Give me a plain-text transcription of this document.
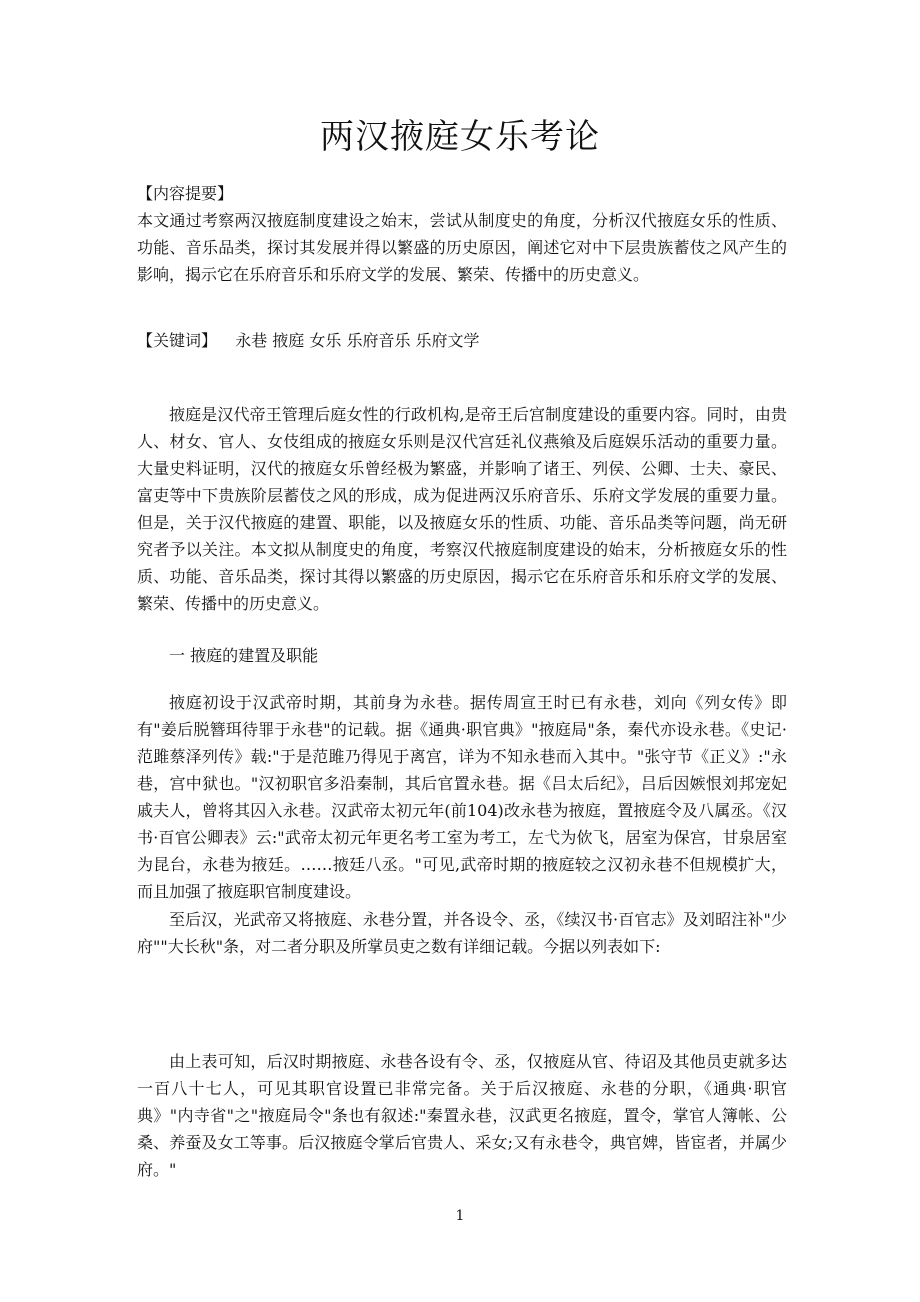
两汉掖庭女乐考论
【内容提要】
本文通过考察两汉掖庭制度建设之始末，尝试从制度史的角度，分析汉代掖庭女乐的性质、功能、音乐品类，探讨其发展并得以繁盛的历史原因，阐述它对中下层贵族蓄伎之风产生的影响，揭示它在乐府音乐和乐府文学的发展、繁荣、传播中的历史意义。
【关键词】 永巷 掖庭 女乐 乐府音乐 乐府文学
掖庭是汉代帝王管理后庭女性的行政机构,是帝王后宫制度建设的重要内容。同时，由贵人、材女、官人、女伎组成的掖庭女乐则是汉代宫廷礼仪燕飨及后庭娱乐活动的重要力量。大量史料证明，汉代的掖庭女乐曾经极为繁盛，并影响了诸王、列侯、公卿、士夫、豪民、富吏等中下贵族阶层蓄伎之风的形成，成为促进两汉乐府音乐、乐府文学发展的重要力量。但是，关于汉代掖庭的建置、职能，以及掖庭女乐的性质、功能、音乐品类等问题，尚无研究者予以关注。本文拟从制度史的角度，考察汉代掖庭制度建设的始末，分析掖庭女乐的性质、功能、音乐品类，探讨其得以繁盛的历史原因，揭示它在乐府音乐和乐府文学的发展、繁荣、传播中的历史意义。
一 掖庭的建置及职能
掖庭初设于汉武帝时期，其前身为永巷。据传周宣王时已有永巷，刘向《列女传》即有"姜后脱簪珥待罪于永巷"的记载。据《通典·职官典》"掖庭局"条，秦代亦设永巷。《史记·范雎蔡泽列传》载:"于是范雎乃得见于离宫，详为不知永巷而入其中。"张守节《正义》:"永巷，宫中狱也。"汉初职官多沿秦制，其后官置永巷。据《吕太后纪》，吕后因嫉恨刘邦宠妃戚夫人，曾将其囚入永巷。汉武帝太初元年(前104)改永巷为掖庭，置掖庭令及八属丞。《汉书·百官公卿表》云:"武帝太初元年更名考工室为考工，左弋为佽飞，居室为保宫，甘泉居室为昆台，永巷为掖廷。……掖廷八丞。"可见,武帝时期的掖庭较之汉初永巷不但规模扩大，而且加强了掖庭职官制度建设。
至后汉，光武帝又将掖庭、永巷分置，并各设令、丞，《续汉书·百官志》及刘昭注补"少府""大长秋"条，对二者分职及所掌员吏之数有详细记载。今据以列表如下:
由上表可知，后汉时期掖庭、永巷各设有令、丞，仅掖庭从官、待诏及其他员吏就多达一百八十七人，可见其职官设置已非常完备。关于后汉掖庭、永巷的分职，《通典·职官典》"内寺省"之"掖庭局令"条也有叙述:"秦置永巷，汉武更名掖庭，置令，掌官人簿帐、公桑、养蚕及女工等事。后汉掖庭令掌后官贵人、采女;又有永巷令，典官婢，皆宦者，并属少府。"
1
